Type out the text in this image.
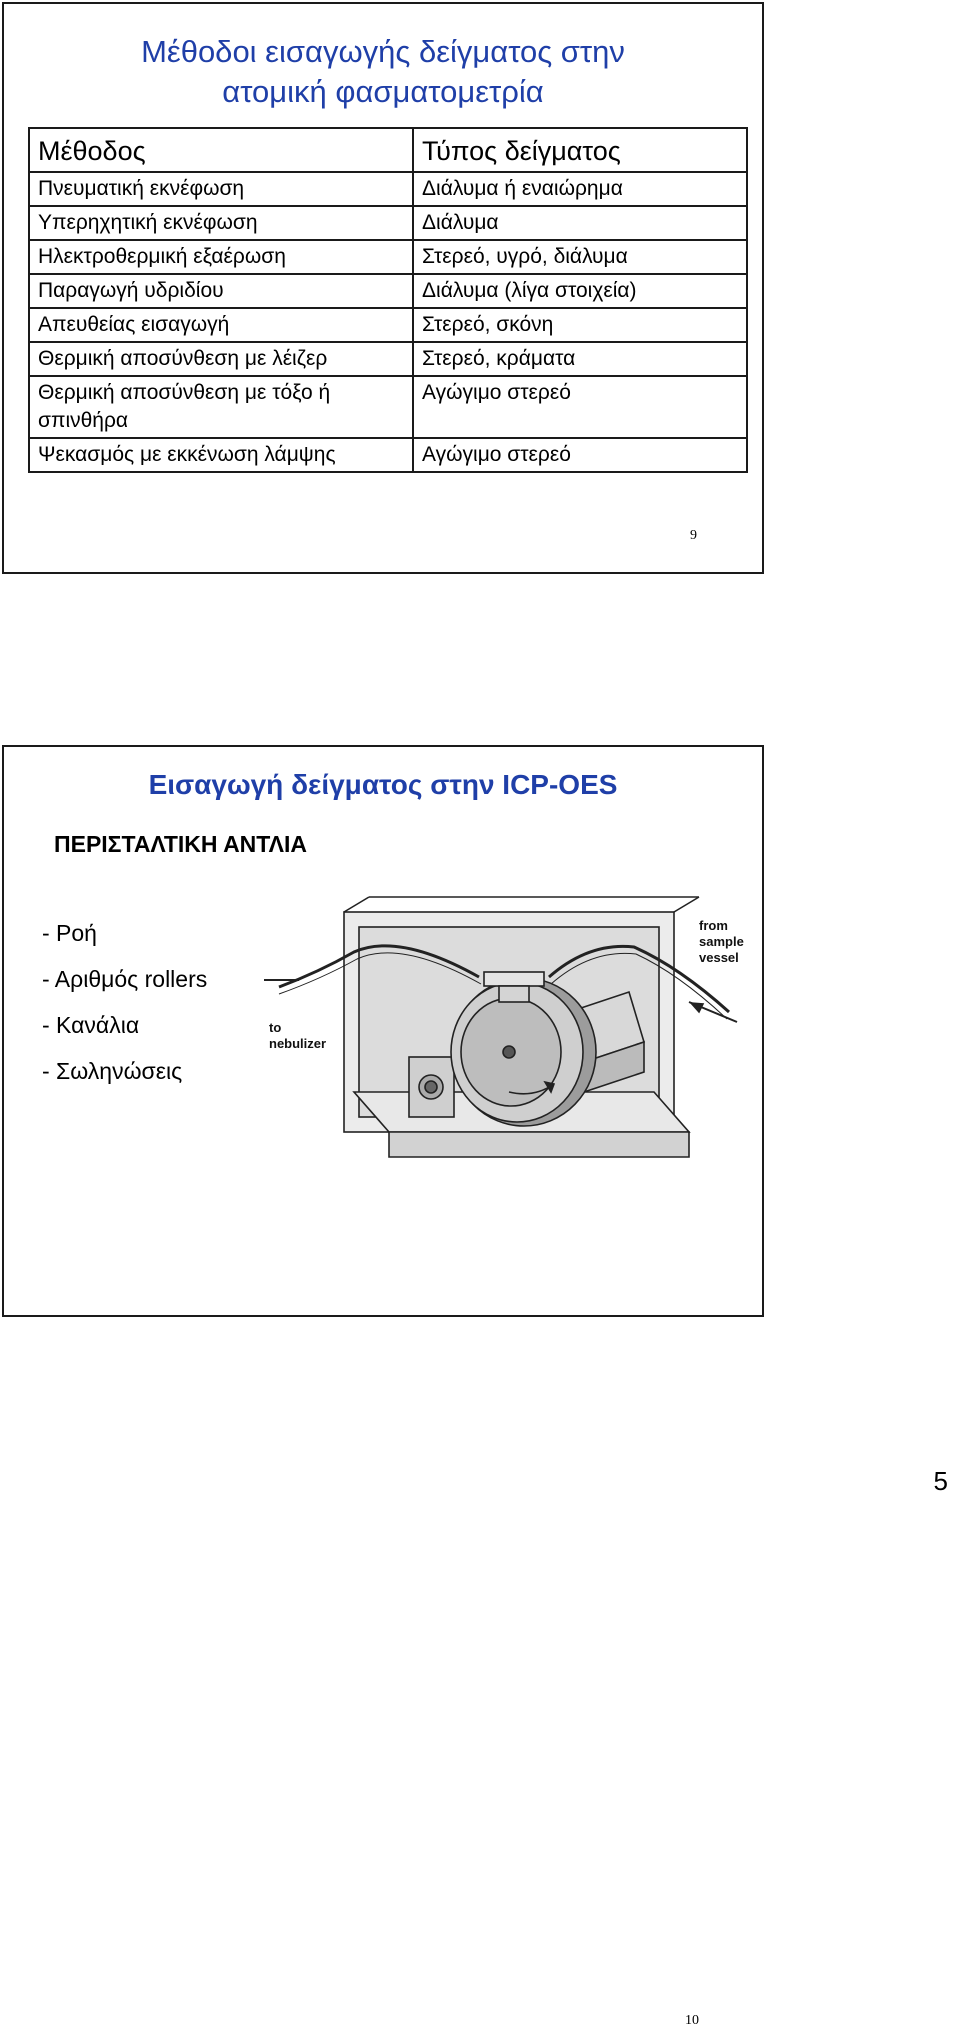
Μέθοδοι εισαγωγής δείγματος στην
ατομική φασματομετρία
Μέθοδος	Τύπος δείγματος
Πνευματική εκνέφωση	Διάλυμα ή εναιώρημα
Υπερηχητική εκνέφωση	Διάλυμα
Ηλεκτροθερμική εξαέρωση	Στερεό, υγρό, διάλυμα
Παραγωγή υδριδίου	Διάλυμα (λίγα στοιχεία)
Απευθείας εισαγωγή	Στερεό, σκόνη
Θερμική αποσύνθεση με λέιζερ	Στερεό, κράματα
Θερμική αποσύνθεση με τόξο ή σπινθήρα	Αγώγιμο στερεό
Ψεκασμός με εκκένωση λάμψης	Αγώγιμο στερεό
9
Εισαγωγή δείγματος στην ICP-OES
ΠΕΡΙΣΤΑΛΤΙΚΗ ΑΝΤΛΙΑ
- Ροή
- Αριθμός rollers
- Κανάλια
- Σωληνώσεις
to
nebulizer
from
sample
vessel
10
5
